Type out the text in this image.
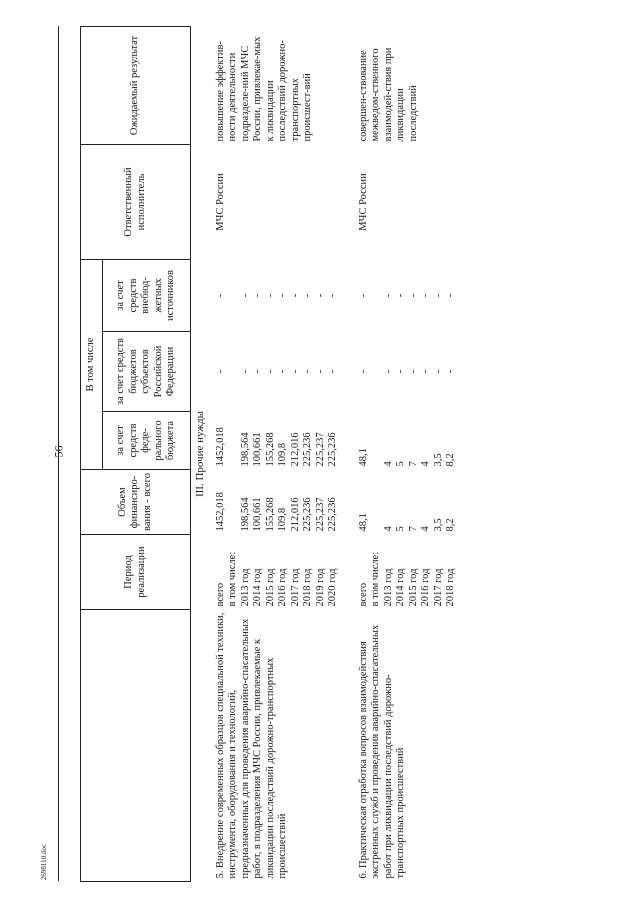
56
2698110.doc

	Период реализации	Объем финансиро-вания - всего	В том числе			Ответственный исполнитель	Ожидаемый результат
			за счет средств феде-рального бюджета	за счет средств бюджетов субъектов Российской Федерации	за счет средств внебюд-жетных источников		
III. Прочие нужды							
5. Внедрение современных образцов специальной техники, инструмента, оборудования и технологий, предназначенных для проведения аварийно-спасательных работ, в подразделения МЧС России, привлекаемые к ликвидации последствий дорожно-транспортных происшествий	всего	1452,018	1452,018	-	-	МЧС России	повышение эффектив-ности деятельности подразделе-ний МЧС России, привлекае-мых к ликвидации последствий дорожно-транспортных происшест-вий
	в том числе:						
	2013 год	198,564	198,564	-	-		
	2014 год	100,661	100,661	-	-		
	2015 год	155,268	155,268	-	-		
	2016 год	109,8	109,8	-	-		
	2017 год	212,016	212,016	-	-		
	2018 год	225,236	225,236	-	-		
	2019 год	225,237	225,237	-	-		
	2020 год	225,236	225,236	-	-		

6. Практическая отработка вопросов взаимодействия экстренных служб и проведения аварийно-спасательных работ при ликвидации последствий дорожно-транспортных происшествий	всего	48,1	48,1	-	-	МЧС России	совершен-ствование межведом-ственного взаимодей-ствия при ликвидации последствий
	в том числе:						
	2013 год	4	4	-	-		
	2014 год	5	5	-	-		
	2015 год	7	7	-	-		
	2016 год	4	4	-	-		
	2017 год	3,5	3,5	-	-		
	2018 год	8,2	8,2	-	-		
